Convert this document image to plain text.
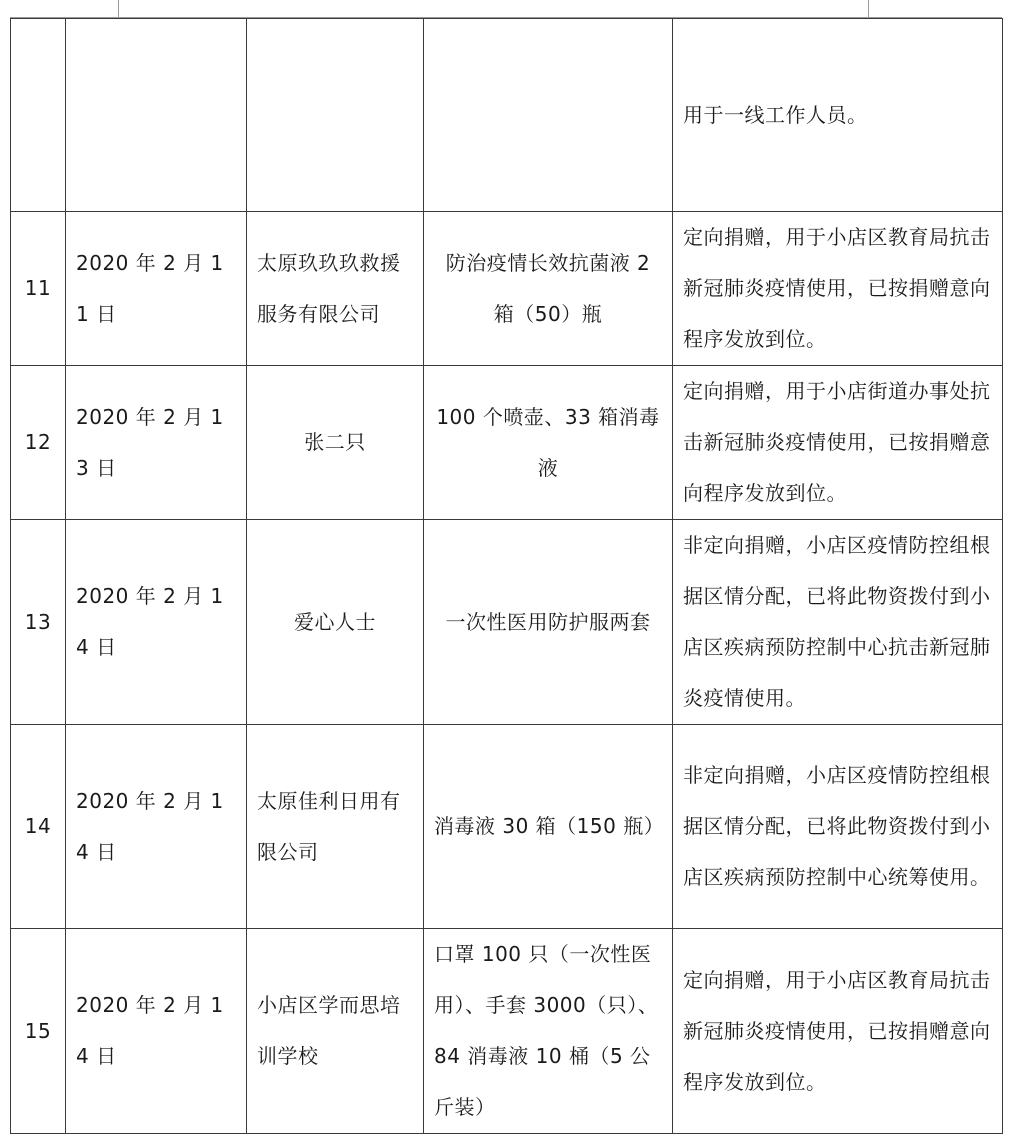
				用于一线工作人员。
11	2020 年 2 月 11 日	太原玖玖玖救援服务有限公司	防治疫情长效抗菌液 2 箱（50）瓶	定向捐赠，用于小店区教育局抗击新冠肺炎疫情使用，已按捐赠意向程序发放到位。
12	2020 年 2 月 13 日	张二只	100 个喷壶、33 箱消毒液	定向捐赠，用于小店街道办事处抗击新冠肺炎疫情使用，已按捐赠意向程序发放到位。
13	2020 年 2 月 14 日	爱心人士	一次性医用防护服两套	非定向捐赠，小店区疫情防控组根据区情分配，已将此物资拨付到小店区疾病预防控制中心抗击新冠肺炎疫情使用。
14	2020 年 2 月 14 日	太原佳利日用有限公司	消毒液 30 箱（150 瓶）	非定向捐赠，小店区疫情防控组根据区情分配，已将此物资拨付到小店区疾病预防控制中心统筹使用。
15	2020 年 2 月 14 日	小店区学而思培训学校	口罩 100 只（一次性医用）、手套 3000（只）、84 消毒液 10 桶（5 公斤装）	定向捐赠，用于小店区教育局抗击新冠肺炎疫情使用，已按捐赠意向程序发放到位。
